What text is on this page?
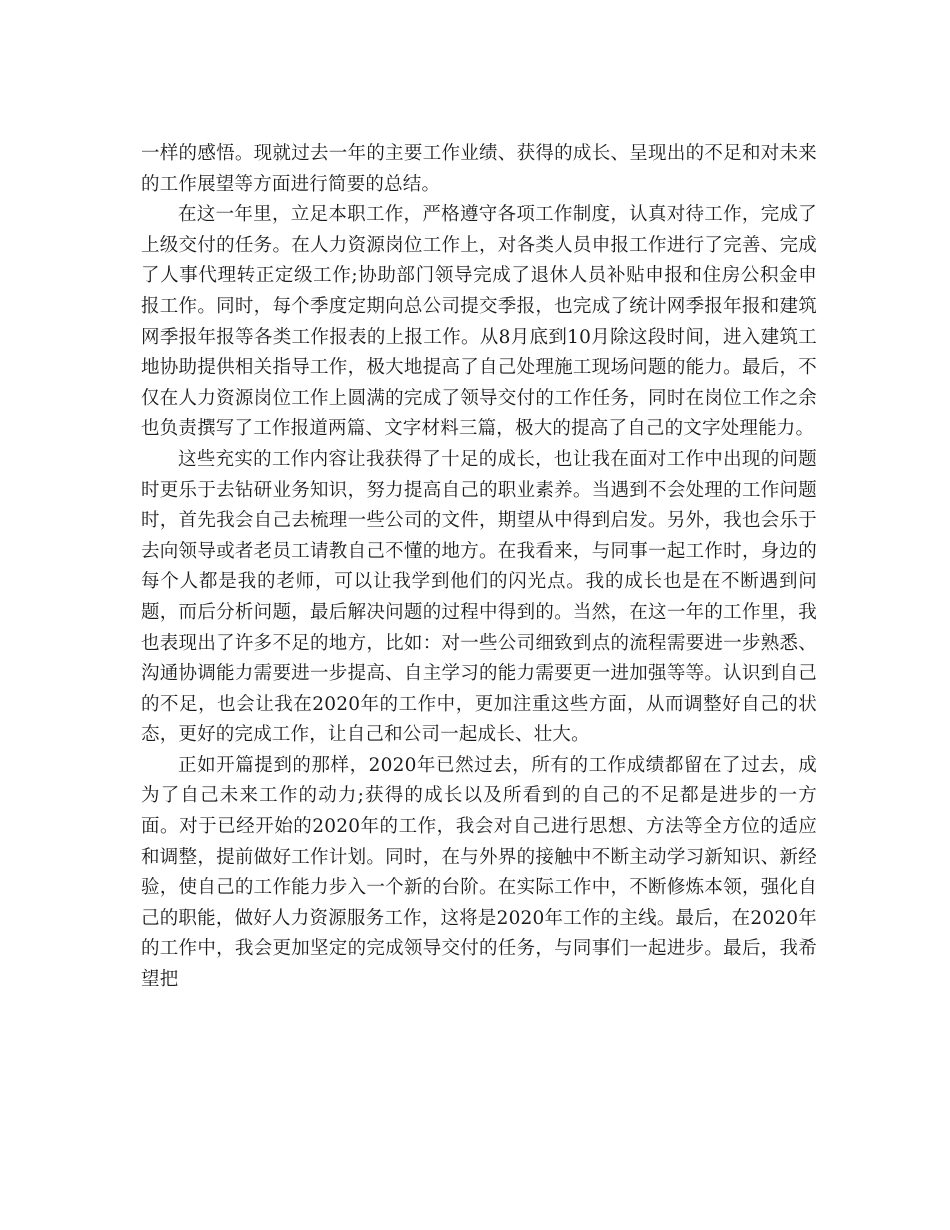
一样的感悟。现就过去一年的主要工作业绩、获得的成长、呈现出的不足和对未来的工作展望等方面进行简要的总结。

在这一年里，立足本职工作，严格遵守各项工作制度，认真对待工作，完成了上级交付的任务。在人力资源岗位工作上，对各类人员申报工作进行了完善、完成了人事代理转正定级工作;协助部门领导完成了退休人员补贴申报和住房公积金申报工作。同时，每个季度定期向总公司提交季报，也完成了统计网季报年报和建筑网季报年报等各类工作报表的上报工作。从8月底到10月除这段时间，进入建筑工地协助提供相关指导工作，极大地提高了自己处理施工现场问题的能力。最后，不仅在人力资源岗位工作上圆满的完成了领导交付的工作任务，同时在岗位工作之余也负责撰写了工作报道两篇、文字材料三篇，极大的提高了自己的文字处理能力。

这些充实的工作内容让我获得了十足的成长，也让我在面对工作中出现的问题时更乐于去钻研业务知识，努力提高自己的职业素养。当遇到不会处理的工作问题时，首先我会自己去梳理一些公司的文件，期望从中得到启发。另外，我也会乐于去向领导或者老员工请教自己不懂的地方。在我看来，与同事一起工作时，身边的每个人都是我的老师，可以让我学到他们的闪光点。我的成长也是在不断遇到问题，而后分析问题，最后解决问题的过程中得到的。当然，在这一年的工作里，我也表现出了许多不足的地方，比如：对一些公司细致到点的流程需要进一步熟悉、沟通协调能力需要进一步提高、自主学习的能力需要更一进加强等等。认识到自己的不足，也会让我在2020年的工作中，更加注重这些方面，从而调整好自己的状态，更好的完成工作，让自己和公司一起成长、壮大。

正如开篇提到的那样，2020年已然过去，所有的工作成绩都留在了过去，成为了自己未来工作的动力;获得的成长以及所看到的自己的不足都是进步的一方面。对于已经开始的2020年的工作，我会对自己进行思想、方法等全方位的适应和调整，提前做好工作计划。同时，在与外界的接触中不断主动学习新知识、新经验，使自己的工作能力步入一个新的台阶。在实际工作中，不断修炼本领，强化自己的职能，做好人力资源服务工作，这将是2020年工作的主线。最后，在2020年的工作中，我会更加坚定的完成领导交付的任务，与同事们一起进步。最后，我希望把
